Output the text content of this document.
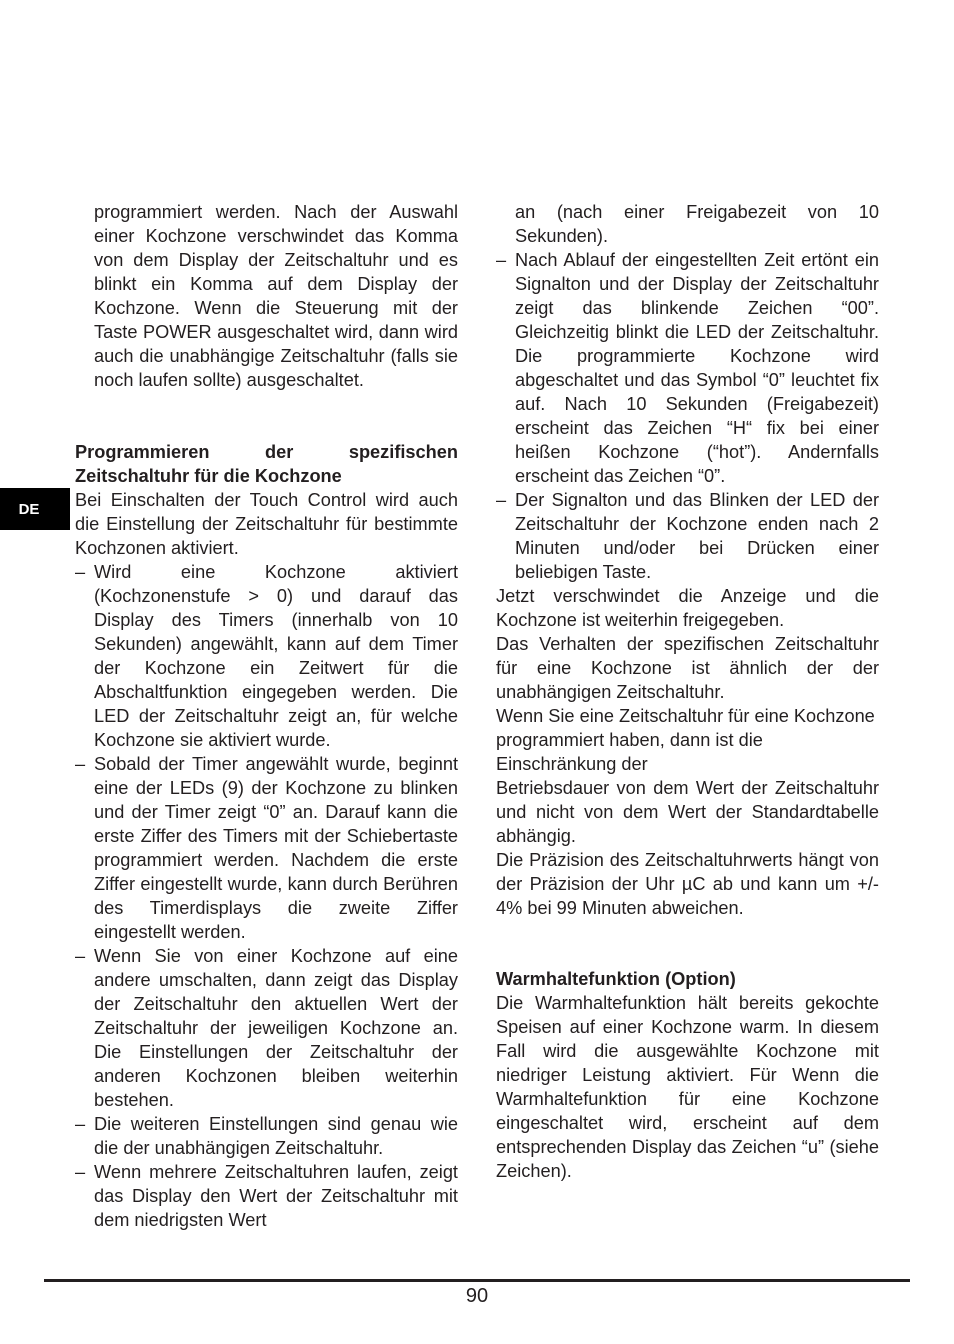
DE

programmiert werden. Nach der Auswahl einer Kochzone verschwindet das Komma von dem Display der Zeitschaltuhr und es blinkt ein Komma auf dem Display der Kochzone. Wenn die Steuerung mit der Taste POWER ausgeschaltet wird, dann wird auch die unabhängige Zeitschaltuhr (falls sie noch laufen sollte) ausgeschaltet.

Programmieren der spezifischen
Zeitschaltuhr für die Kochzone

Bei Einschalten der Touch Control wird auch die Einstellung der Zeitschaltuhr für bestimmte Kochzonen aktiviert.

– Wird eine Kochzone aktiviert (Kochzonenstufe > 0) und darauf das Display des Timers (innerhalb von 10 Sekunden) angewählt, kann auf dem Timer der Kochzone ein Zeitwert für die Abschaltfunktion eingegeben werden. Die LED der Zeitschaltuhr zeigt an, für welche Kochzone sie aktiviert wurde.
– Sobald der Timer angewählt wurde, beginnt eine der LEDs (9) der Kochzone zu blinken und der Timer zeigt “0” an. Darauf kann die erste Ziffer des Timers mit der Schiebertaste programmiert werden. Nachdem die erste Ziffer eingestellt wurde, kann durch Berühren des Timerdisplays die zweite Ziffer eingestellt werden.
– Wenn Sie von einer Kochzone auf eine andere umschalten, dann zeigt das Display der Zeitschaltuhr den aktuellen Wert der Zeitschaltuhr der jeweiligen Kochzone an. Die Einstellungen der Zeitschaltuhr der anderen Kochzonen bleiben weiterhin bestehen.
– Die weiteren Einstellungen sind genau wie die der unabhängigen Zeitschaltuhr.
– Wenn mehrere Zeitschaltuhren laufen, zeigt das Display den Wert der Zeitschaltuhr mit dem niedrigsten Wert

an (nach einer Freigabezeit von 10 Sekunden).

– Nach Ablauf der eingestellten Zeit ertönt ein Signalton und der Display der Zeitschaltuhr zeigt das blinkende Zeichen “00”. Gleichzeitig blinkt die LED der Zeitschaltuhr. Die programmierte Kochzone wird abgeschaltet und das Symbol “0” leuchtet fix auf. Nach 10 Sekunden (Freigabezeit) erscheint das Zeichen “H“ fix bei einer heißen Kochzone (“hot”). Andernfalls erscheint das Zeichen “0”.
– Der Signalton und das Blinken der LED der Zeitschaltuhr der Kochzone enden nach 2 Minuten und/oder bei Drücken einer beliebigen Taste.

Jetzt verschwindet die Anzeige und die Kochzone ist weiterhin freigegeben.

Das Verhalten der spezifischen Zeitschaltuhr für eine Kochzone ist ähnlich der der unabhängigen Zeitschaltuhr.

Wenn Sie eine Zeitschaltuhr für eine Kochzone programmiert haben, dann ist die Einschränkung der

Betriebsdauer von dem Wert der Zeitschaltuhr und nicht von dem Wert der Standardtabelle abhängig.

Die Präzision des Zeitschaltuhrwerts hängt von der Präzision der Uhr µC ab und kann um +/- 4% bei 99 Minuten abweichen.

Warmhaltefunktion (Option)

Die Warmhaltefunktion hält bereits gekochte Speisen auf einer Kochzone warm. In diesem Fall wird die ausgewählte Kochzone mit niedriger Leistung aktiviert. Für Wenn die Warmhaltefunktion für eine Kochzone eingeschaltet wird, erscheint auf dem entsprechenden Display das Zeichen “u” (siehe Zeichen).

90
